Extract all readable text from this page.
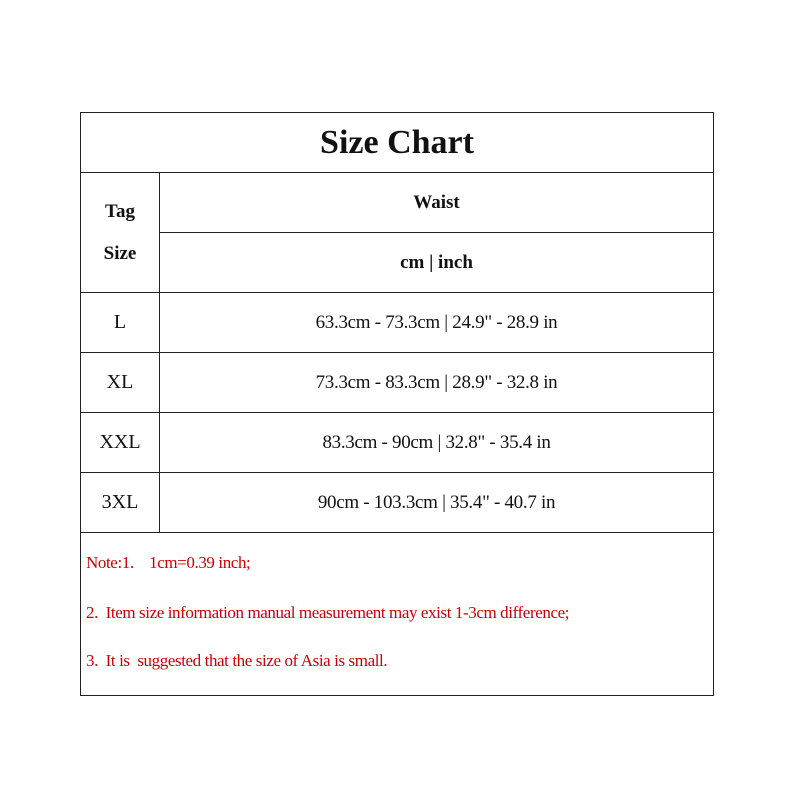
Size Chart
Tag
Size
Waist
cm | inch
L	63.3cm - 73.3cm | 24.9" - 28.9 in
XL	73.3cm - 83.3cm | 28.9" - 32.8 in
XXL	83.3cm - 90cm | 32.8" - 35.4 in
3XL	90cm - 103.3cm | 35.4" - 40.7 in
Note:1.    1cm=0.39 inch;
2.  Item size information manual measurement may exist 1-3cm difference;
3.  It is  suggested that the size of Asia is small.
